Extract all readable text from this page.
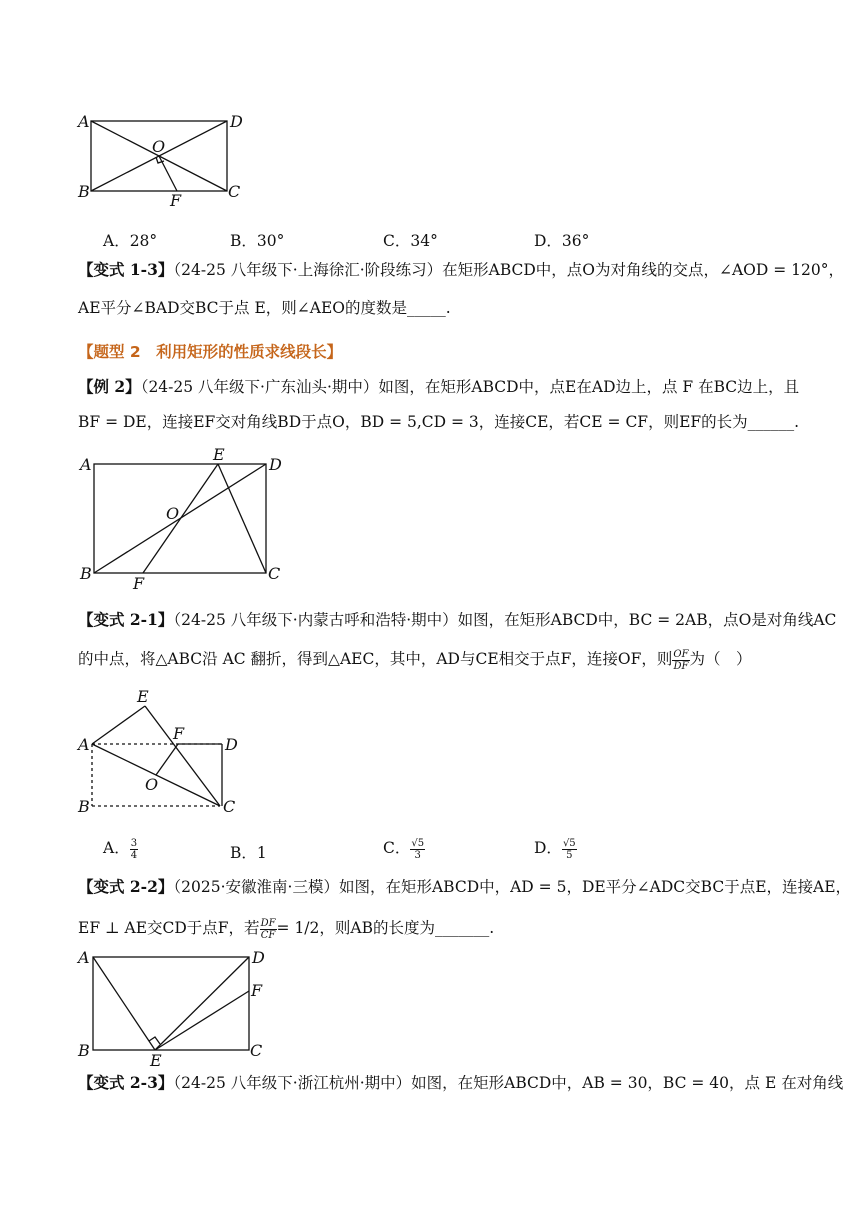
A	D
O
B	C
F
A．28°	B．30°	C．34°	D．36°
【变式 1-3】（24-25 八年级下·上海徐汇·阶段练习）在矩形ABCD中，点O为对角线的交点，∠AOD = 120°，
AE平分∠BAD交BC于点 E，则∠AEO的度数是_____.
【题型 2　利用矩形的性质求线段长】
【例 2】（24-25 八年级下·广东汕头·期中）如图，在矩形ABCD中，点E在AD边上，点 F 在BC边上，且
BF = DE，连接EF交对角线BD于点O，BD = 5,CD = 3，连接CE，若CE = CF，则EF的长为______.
A
E
D
O
B
F
C
【变式 2-1】（24-25 八年级下·内蒙古呼和浩特·期中）如图，在矩形ABCD中，BC = 2AB，点O是对角线AC
的中点，将△ABC沿 AC 翻折，得到△AEC，其中，AD与CE相交于点F，连接OF，则 $\frac{OF}{DF}$ 为（　）
E
A
F
D
O
B	C
A． $\frac{3}{4}$	B．1	C． $\frac{√5}{3}$	D． $\frac{√5}{5}$
【变式 2-2】（2025·安徽淮南·三模）如图，在矩形ABCD中，AD = 5，DE平分∠ADC交BC于点E，连接AE，
EF ⊥ AE交CD于点F，若 $\frac{DF}{CF} = 1/2$，则AB的长度为_______.
A	D
F
B
E
C
【变式 2-3】（24-25 八年级下·浙江杭州·期中）如图，在矩形ABCD中，AB = 30，BC = 40，点 E 在对角线
